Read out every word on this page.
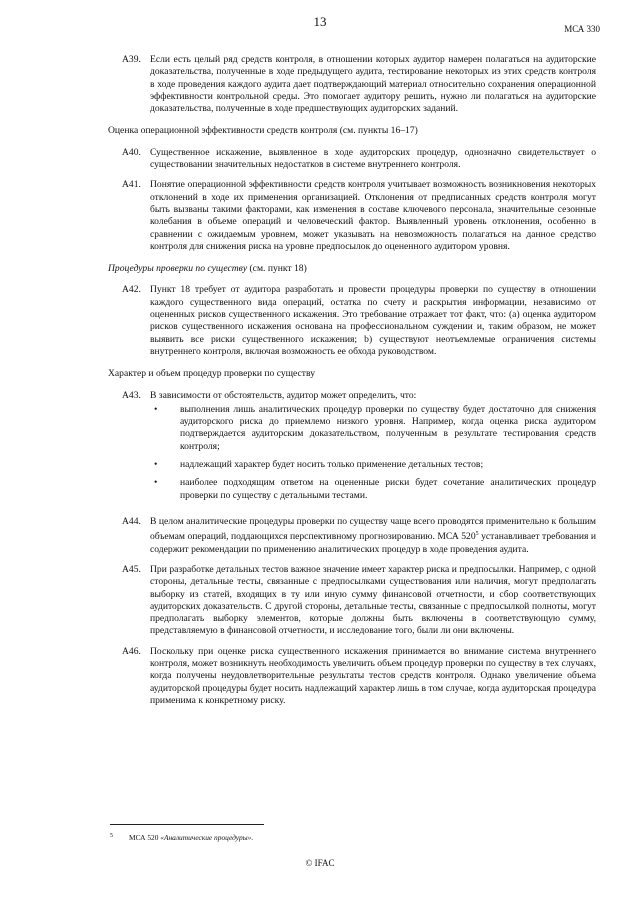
13	МСА 330
A39. Если есть целый ряд средств контроля, в отношении которых аудитор намерен полагаться на аудиторские доказательства, полученные в ходе предыдущего аудита, тестирование некоторых из этих средств контроля в ходе проведения каждого аудита дает подтверждающий материал относительно сохранения операционной эффективности контрольной среды. Это помогает аудитору решить, нужно ли полагаться на аудиторские доказательства, полученные в ходе предшествующих аудиторских заданий.
Оценка операционной эффективности средств контроля (см. пункты 16–17)
A40. Существенное искажение, выявленное в ходе аудиторских процедур, однозначно свидетельствует о существовании значительных недостатков в системе внутреннего контроля.
A41. Понятие операционной эффективности средств контроля учитывает возможность возникновения некоторых отклонений в ходе их применения организацией. Отклонения от предписанных средств контроля могут быть вызваны такими факторами, как изменения в составе ключевого персонала, значительные сезонные колебания в объеме операций и человеческий фактор. Выявленный уровень отклонения, особенно в сравнении с ожидаемым уровнем, может указывать на невозможность полагаться на данное средство контроля для снижения риска на уровне предпосылок до оцененного аудитором уровня.
Процедуры проверки по существу (см. пункт 18)
A42. Пункт 18 требует от аудитора разработать и провести процедуры проверки по существу в отношении каждого существенного вида операций, остатка по счету и раскрытия информации, независимо от оцененных рисков существенного искажения. Это требование отражает тот факт, что: (a) оценка аудитором рисков существенного искажения основана на профессиональном суждении и, таким образом, не может выявить все риски существенного искажения; b) существуют неотъемлемые ограничения системы внутреннего контроля, включая возможность ее обхода руководством.
Характер и объем процедур проверки по существу
A43. В зависимости от обстоятельств, аудитор может определить, что:
• выполнения лишь аналитических процедур проверки по существу будет достаточно для снижения аудиторского риска до приемлемо низкого уровня. Например, когда оценка риска аудитором подтверждается аудиторским доказательством, полученным в результате тестирования средств контроля;
• надлежащий характер будет носить только применение детальных тестов;
• наиболее подходящим ответом на оцененные риски будет сочетание аналитических процедур проверки по существу с детальными тестами.
A44. В целом аналитические процедуры проверки по существу чаще всего проводятся применительно к большим объемам операций, поддающихся перспективному прогнозированию. МСА $520^5$ устанавливает требования и содержит рекомендации по применению аналитических процедур в ходе проведения аудита.
A45. При разработке детальных тестов важное значение имеет характер риска и предпосылки. Например, с одной стороны, детальные тесты, связанные с предпосылками существования или наличия, могут предполагать выборку из статей, входящих в ту или иную сумму финансовой отчетности, и сбор соответствующих аудиторских доказательств. С другой стороны, детальные тесты, связанные с предпосылкой полноты, могут предполагать выборку элементов, которые должны быть включены в соответствующую сумму, представляемую в финансовой отчетности, и исследование того, были ли они включены.
A46. Поскольку при оценке риска существенного искажения принимается во внимание система внутреннего контроля, может возникнуть необходимость увеличить объем процедур проверки по существу в тех случаях, когда получены неудовлетворительные результаты тестов средств контроля. Однако увеличение объема аудиторской процедуры будет носить надлежащий характер лишь в том случае, когда аудиторская процедура применима к конкретному риску.
5 МСА 520 «Аналитические процедуры».
© IFAC
